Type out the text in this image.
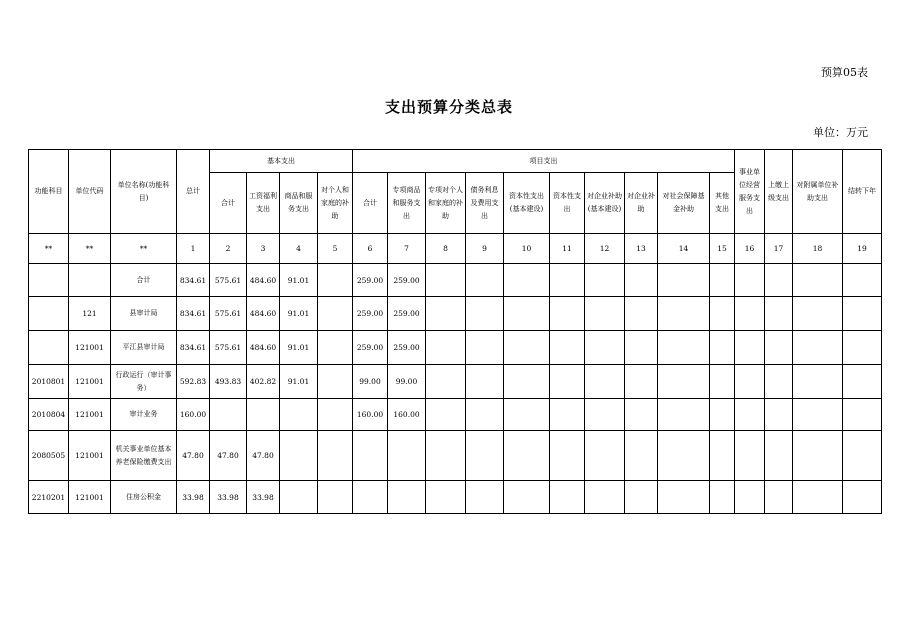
预算05表
支出预算分类总表
单位：万元
功能科目	单位代码	单位名称(功能科目)	总计	基本支出				项目支出										事业单位经营服务支出	上缴上级支出	对附属单位补助支出	结转下年
				合计	工资福利支出	商品和服务支出	对个人和家庭的补助	合计	专项商品和服务支出	专项对个人和家庭的补助	债务利息及费用支出	资本性支出(基本建设)	资本性支出	对企业补助(基本建设)	对企业补助	对社会保障基金补助	其他支出				
**	**	**	1	2	3	4	5	6	7	8	9	10	11	12	13	14	15	16	17	18	19
		合计	834.61	575.61	484.60	91.01		259.00	259.00												
	121	县审计局	834.61	575.61	484.60	91.01		259.00	259.00												
	121001	平江县审计局	834.61	575.61	484.60	91.01		259.00	259.00												
2010801	121001	行政运行（审计事务）	592.83	493.83	402.82	91.01		99.00	99.00												
2010804	121001	审计业务	160.00					160.00	160.00												
2080505	121001	机关事业单位基本养老保险缴费支出	47.80	47.80	47.80																
2210201	121001	住房公积金	33.98	33.98	33.98																
